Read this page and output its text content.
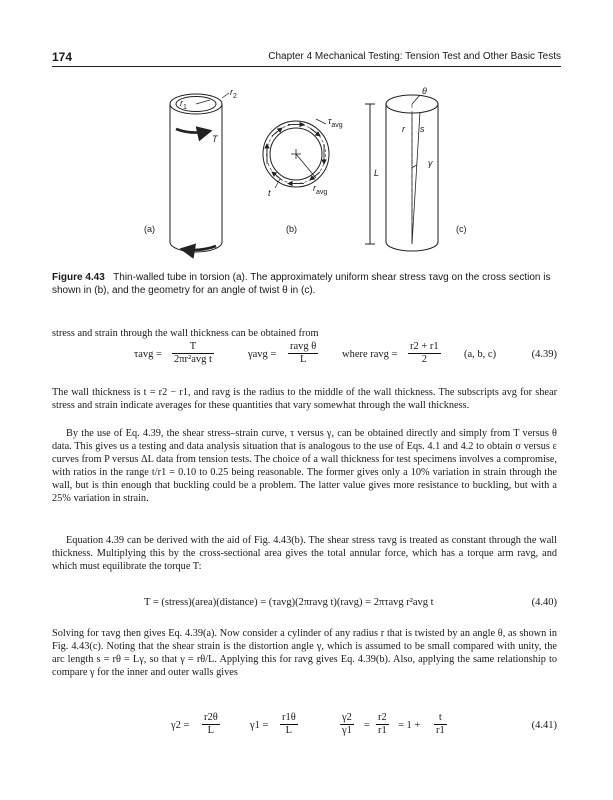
174	Chapter 4 Mechanical Testing: Tension Test and Other Basic Tests
$r_1$
$r_2$
T
$\tau_{avg}$
t	$r_{avg}$
θ
r s
γ
L
(a)	(b)	(c)
Figure 4.43 Thin-walled tube in torsion (a). The approximately uniform shear stress τavg on the cross section is shown in (b), and the geometry for an angle of twist θ in (c).

stress and strain through the wall thickness can be obtained from

τavg =
T
2πr²avg t	γavg =
ravg θ
L	where ravg = $\frac{r2 + r1}{2} (a$, b, c)	(4.39)

The wall thickness is t = r2 − r1, and ravg is the radius to the middle of the wall thickness. The subscripts avg for shear stress and strain indicate averages for these quantities that vary somewhat through the wall thickness.

By the use of Eq. 4.39, the shear stress–strain curve, τ versus γ, can be obtained directly and simply from T versus θ data. This gives us a testing and data analysis situation that is analogous to the use of Eqs. 4.1 and 4.2 to obtain σ versus ε curves from P versus ΔL data from tension tests. The choice of a wall thickness for test specimens involves a compromise, with ratios in the range t/r1 = 0.10 to 0.25 being reasonable. The former gives only a 10% variation in strain through the wall, but is thin enough that buckling could be a problem. The latter value gives more resistance to buckling, but with a 25% variation in strain.

Equation 4.39 can be derived with the aid of Fig. 4.43(b). The shear stress τavg is treated as constant through the wall thickness. Multiplying this by the cross-sectional area gives the total annular force, which has a torque arm ravg, and which must equilibrate the torque T:

T = (stress)(area)(distance) = (τavg)(2πravg t)(ravg) = 2πτavg r²avg t	(4.40)

Solving for τavg then gives Eq. 4.39(a). Now consider a cylinder of any radius r that is twisted by an angle θ, as shown in Fig. 4.43(c). Noting that the shear strain is the distortion angle γ, which is assumed to be small compared with unity, the arc length s = rθ = Lγ, so that γ = rθ/L. Applying this for ravg gives Eq. 4.39(b). Also, applying the same relationship to compare γ for the inner and outer walls gives

$\gamma 2 = \frac{r2\theta}{L}$	$\gamma 1 = \frac{r1\theta}{L}$	$\frac{\gamma 2}{\gamma 1} = \frac{r2}{r1} = 1 + \frac{t}{r1}$	(4.41)
